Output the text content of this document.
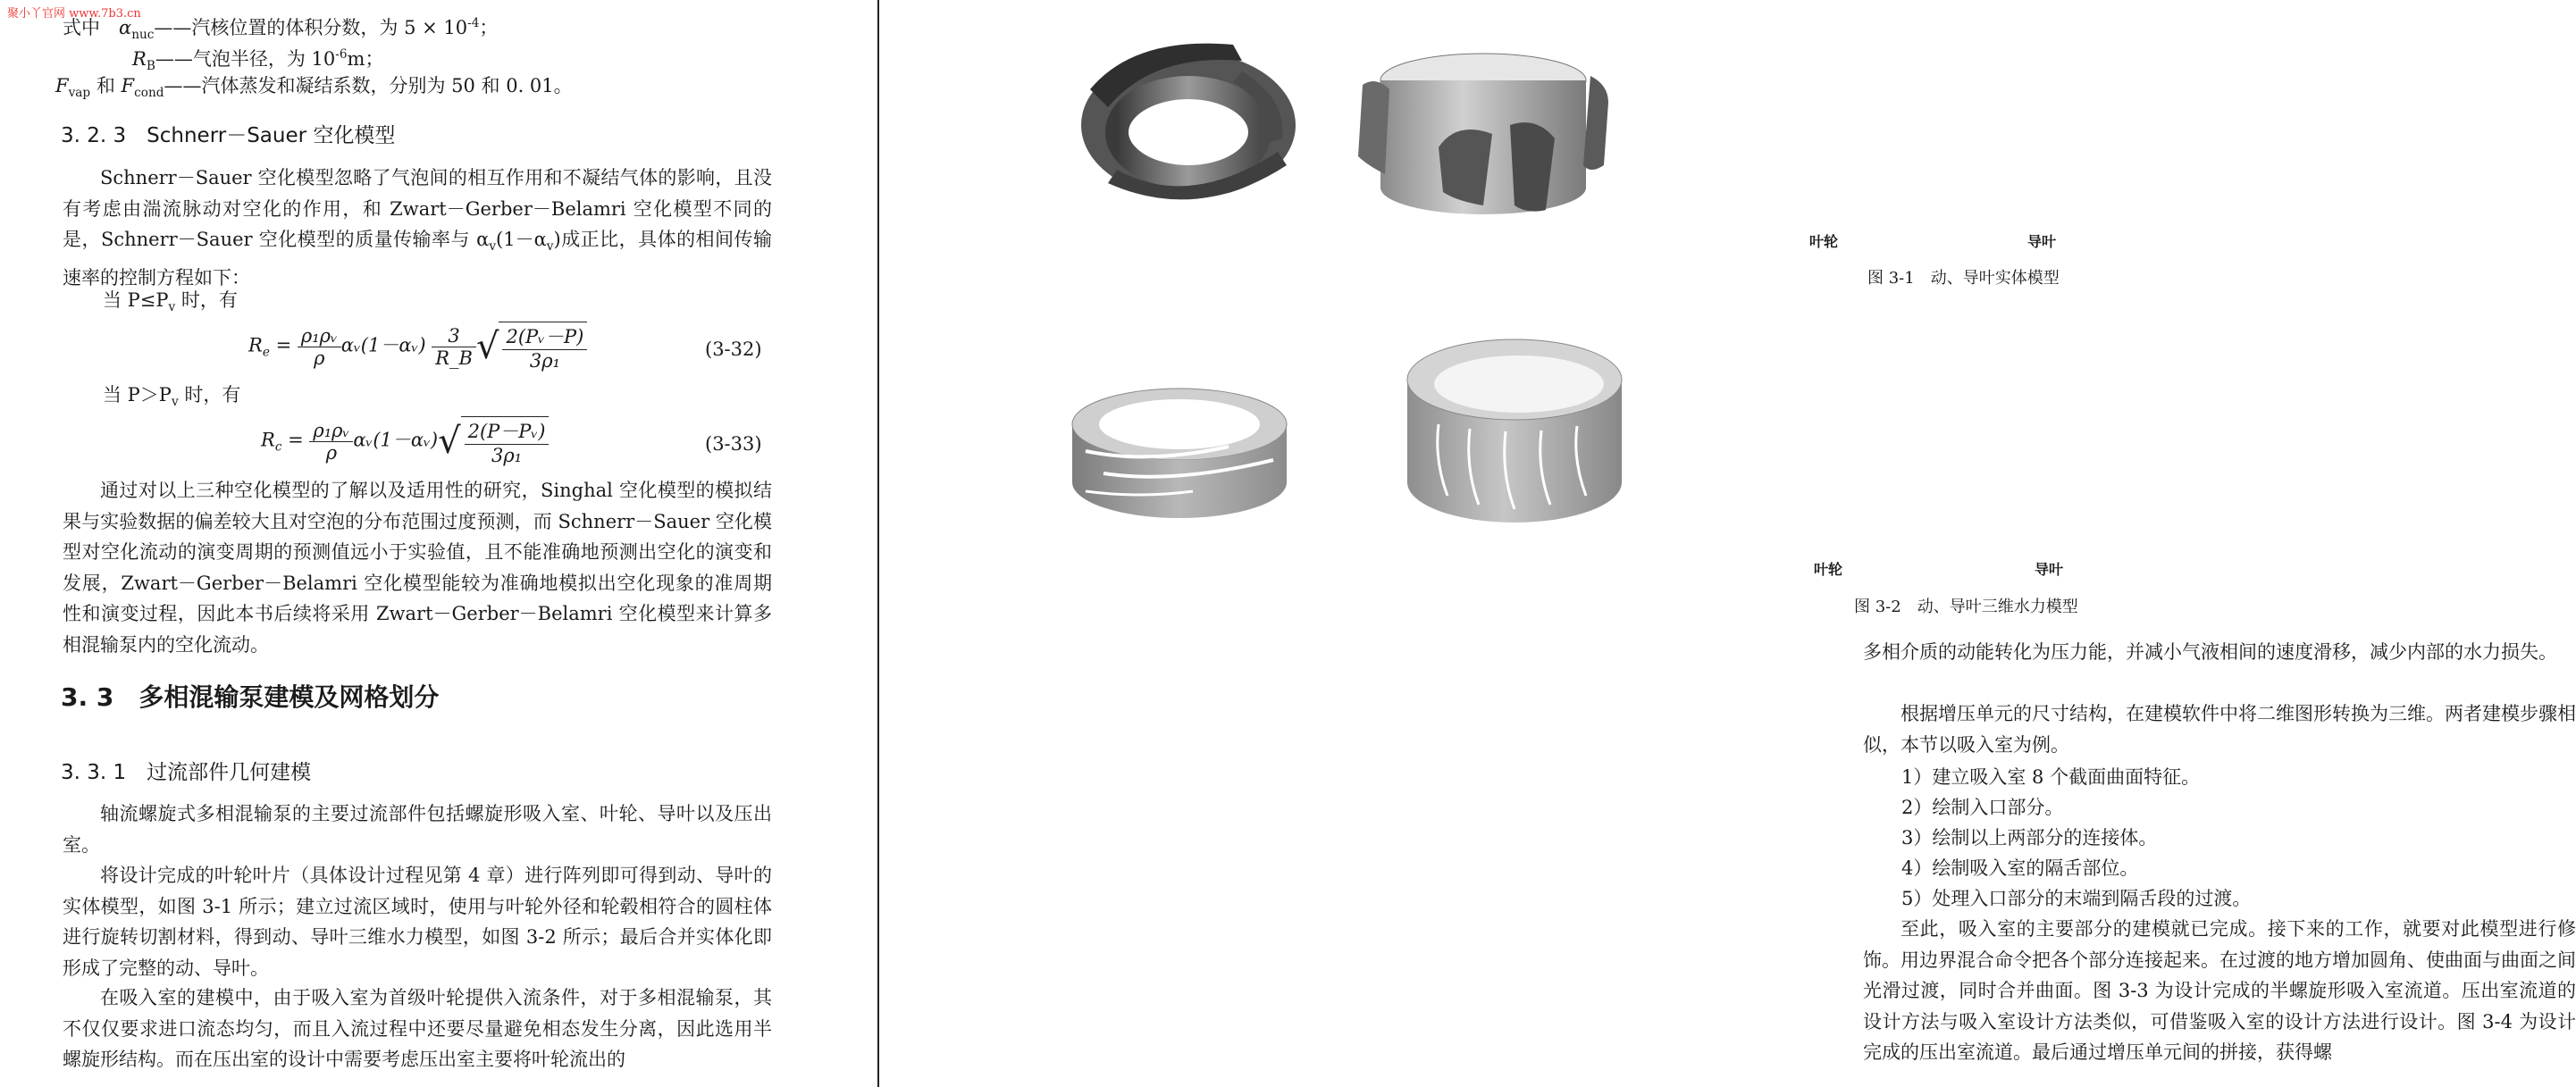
聚小丫官网 www.7b3.cn
式中　 $\alpha_{nuc}——$汽核位置的体积分数，为 $5 \times 10^{-4}$；
$R_B——$气泡半径，为 $10^{-6}m$；
$F_{vap}$ 和 $F_{cond}——$汽体蒸发和凝结系数，分别为 50 和 0. 01。
3. 2. 3　Schnerr－Sauer 空化模型
Schnerr－Sauer 空化模型忽略了气泡间的相互作用和不凝结气体的影响，且没有考虑由湍流脉动对空化的作用，和 Zwart－Gerber－Belamri 空化模型不同的是，Schnerr－Sauer 空化模型的质量传输率与 $\alpha_v(1-\alpha_v)$成正比，具体的相间传输速率的控制方程如下：
当 $P\le P_v$ 时，有
$R_e = \frac{\text{ρ₁ρᵥ}}{\rho}$ αᵥ(1－αᵥ) $\frac{3}{R\_B}$ √ $\frac{\text{2(Pᵥ－P)}}{\text{3ρ₁}}$	(3-32)
当 $P>P_v$ 时，有
$R_c = \frac{\text{ρ₁ρᵥ}}{\rho}$ αᵥ(1－αᵥ)√ $\frac{\text{2(P－Pᵥ)}}{\text{3ρ₁}}$	(3-33)
通过对以上三种空化模型的了解以及适用性的研究，Singhal 空化模型的模拟结果与实验数据的偏差较大且对空泡的分布范围过度预测，而 Schnerr－Sauer 空化模型对空化流动的演变周期的预测值远小于实验值，且不能准确地预测出空化的演变和发展，Zwart－Gerber－Belamri 空化模型能较为准确地模拟出空化现象的准周期性和演变过程，因此本书后续将采用 Zwart－Gerber－Belamri 空化模型来计算多相混输泵内的空化流动。
3. 3　多相混输泵建模及网格划分
3. 3. 1　过流部件几何建模
轴流螺旋式多相混输泵的主要过流部件包括螺旋形吸入室、叶轮、导叶以及压出室。
将设计完成的叶轮叶片（具体设计过程见第 4 章）进行阵列即可得到动、导叶的实体模型，如图 3-1 所示；建立过流区域时，使用与叶轮外径和轮毂相符合的圆柱体进行旋转切割材料，得到动、导叶三维水力模型，如图 3-2 所示；最后合并实体化即形成了完整的动、导叶。
在吸入室的建模中，由于吸入室为首级叶轮提供入流条件，对于多相混输泵，其不仅仅要求进口流态均匀，而且入流过程中还要尽量避免相态发生分离，因此选用半螺旋形结构。而在压出室的设计中需要考虑压出室主要将叶轮流出的
叶轮	导叶
图 3-1　动、导叶实体模型
叶轮	导叶
图 3-2　动、导叶三维水力模型
多相介质的动能转化为压力能，并减小气液相间的速度滑移，减少内部的水力损失。
根据增压单元的尺寸结构，在建模软件中将二维图形转换为三维。两者建模步骤相似，本节以吸入室为例。
1）建立吸入室 8 个截面曲面特征。
2）绘制入口部分。
3）绘制以上两部分的连接体。
4）绘制吸入室的隔舌部位。
5）处理入口部分的末端到隔舌段的过渡。
至此，吸入室的主要部分的建模就已完成。接下来的工作，就要对此模型进行修饰。用边界混合命令把各个部分连接起来。在过渡的地方增加圆角、使曲面与曲面之间光滑过渡，同时合并曲面。图 3-3 为设计完成的半螺旋形吸入室流道。压出室流道的设计方法与吸入室设计方法类似，可借鉴吸入室的设计方法进行设计。图 3-4 为设计完成的压出室流道。最后通过增压单元间的拼接，获得螺
